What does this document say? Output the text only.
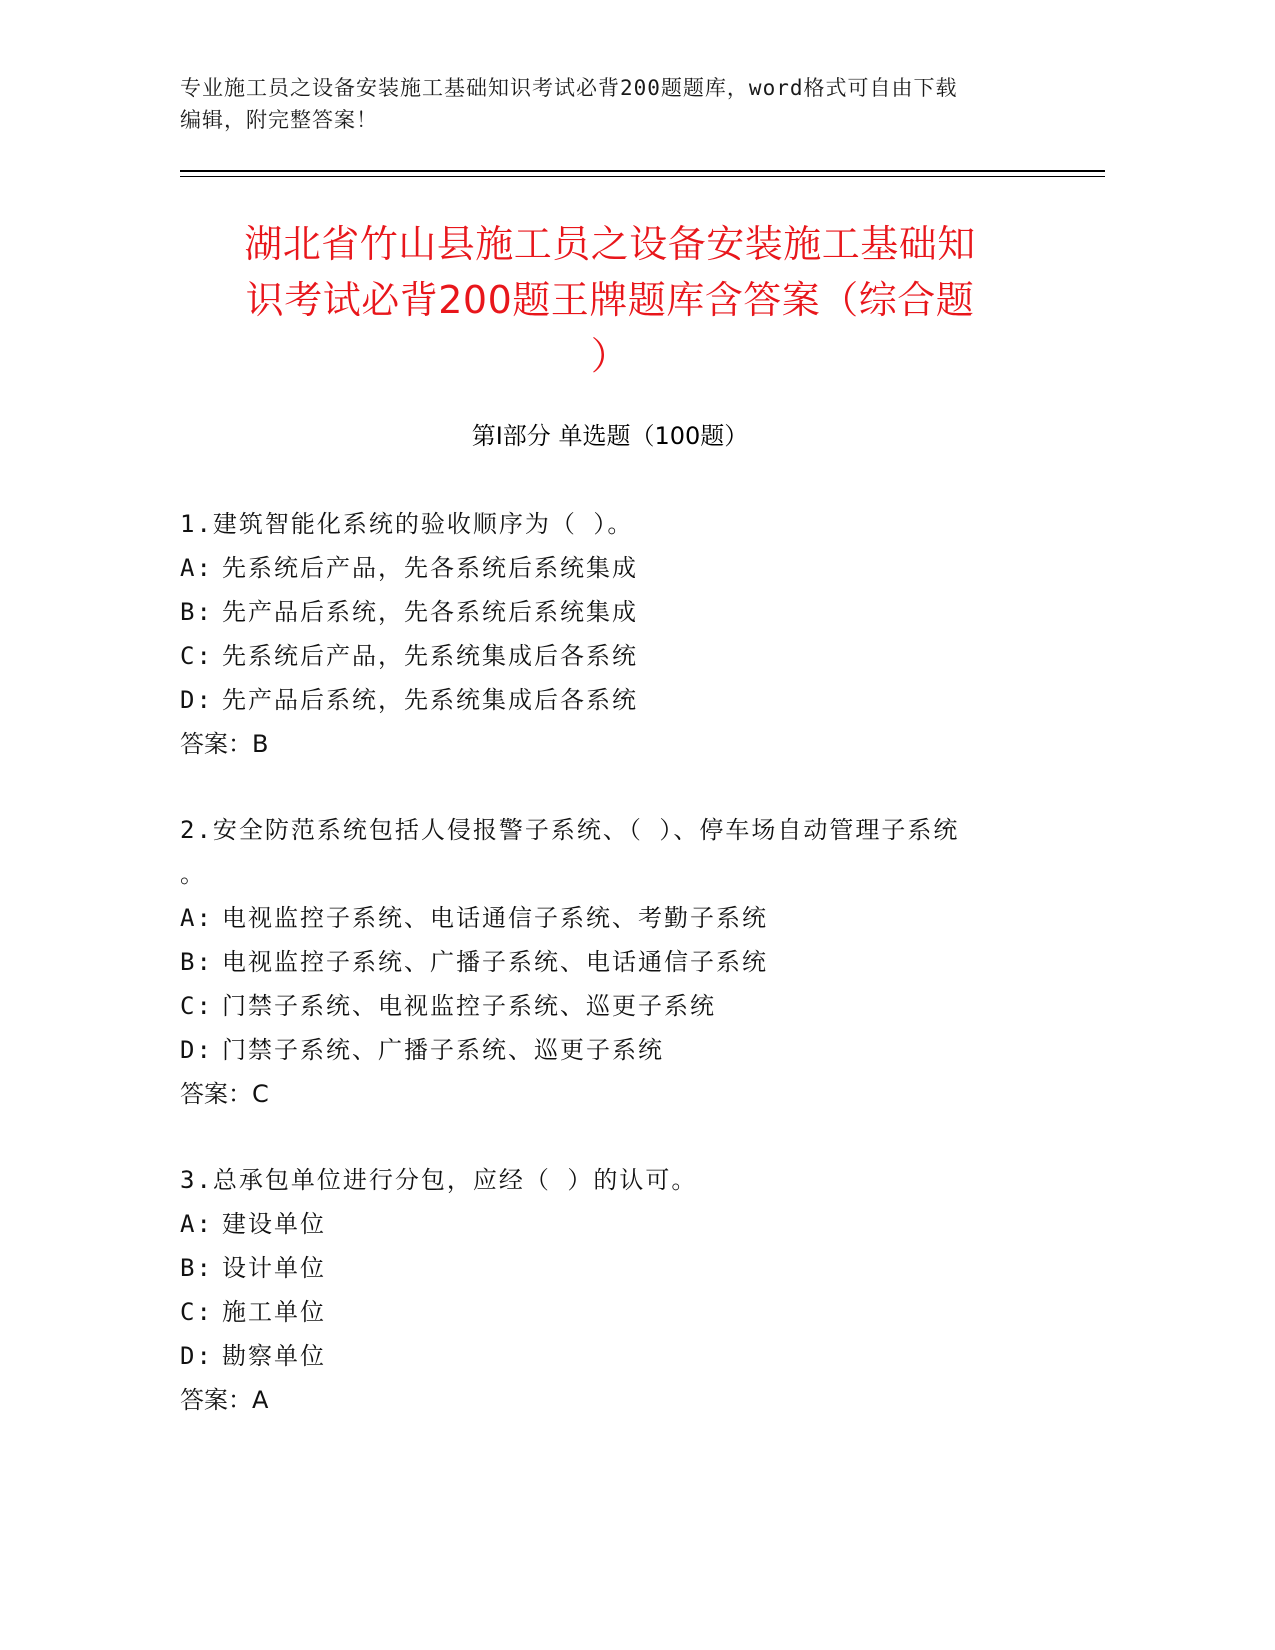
专业施工员之设备安装施工基础知识考试必背200题题库，word格式可自由下载
编辑，附完整答案！
湖北省竹山县施工员之设备安装施工基础知
识考试必背200题王牌题库含答案（综合题
）
第Ⅰ部分 单选题（100题）
1.建筑智能化系统的验收顺序为（ ）。
A: 先系统后产品，先各系统后系统集成
B: 先产品后系统，先各系统后系统集成
C: 先系统后产品，先系统集成后各系统
D: 先产品后系统，先系统集成后各系统
答案：B
2.安全防范系统包括人侵报警子系统、（ ）、停车场自动管理子系统
。
A: 电视监控子系统、电话通信子系统、考勤子系统
B: 电视监控子系统、广播子系统、电话通信子系统
C: 门禁子系统、电视监控子系统、巡更子系统
D: 门禁子系统、广播子系统、巡更子系统
答案：C
3.总承包单位进行分包，应经（ ）的认可。
A: 建设单位
B: 设计单位
C: 施工单位
D: 勘察单位
答案：A
